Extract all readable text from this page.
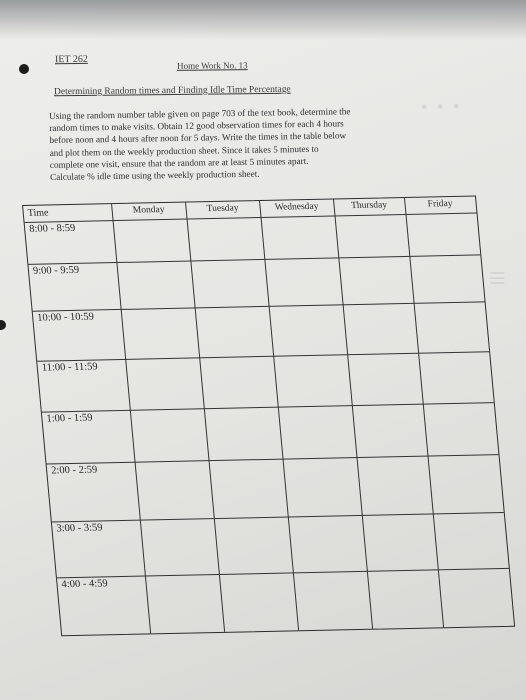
· · ·
|||
IET 262
Home Work No. 13
Determining Random times and Finding Idle Time Percentage
Using the random number table given on page 703 of the text book, determine the
random times to make visits. Obtain 12 good observation times for each 4 hours
before noon and 4 hours after noon for 5 days. Write the times in the table below
and plot them on the weekly production sheet. Since it takes 5 minutes to
complete one visit, ensure that the random are at least 5 minutes apart.
Calculate % idle time using the weekly production sheet.
Time	Monday	Tuesday	Wednesday	Thursday	Friday
8:00 - 8:59
9:00 - 9:59
10:00 - 10:59
11:00 - 11:59
1:00 - 1:59
2:00 - 2:59
3:00 - 3:59
4:00 - 4:59
